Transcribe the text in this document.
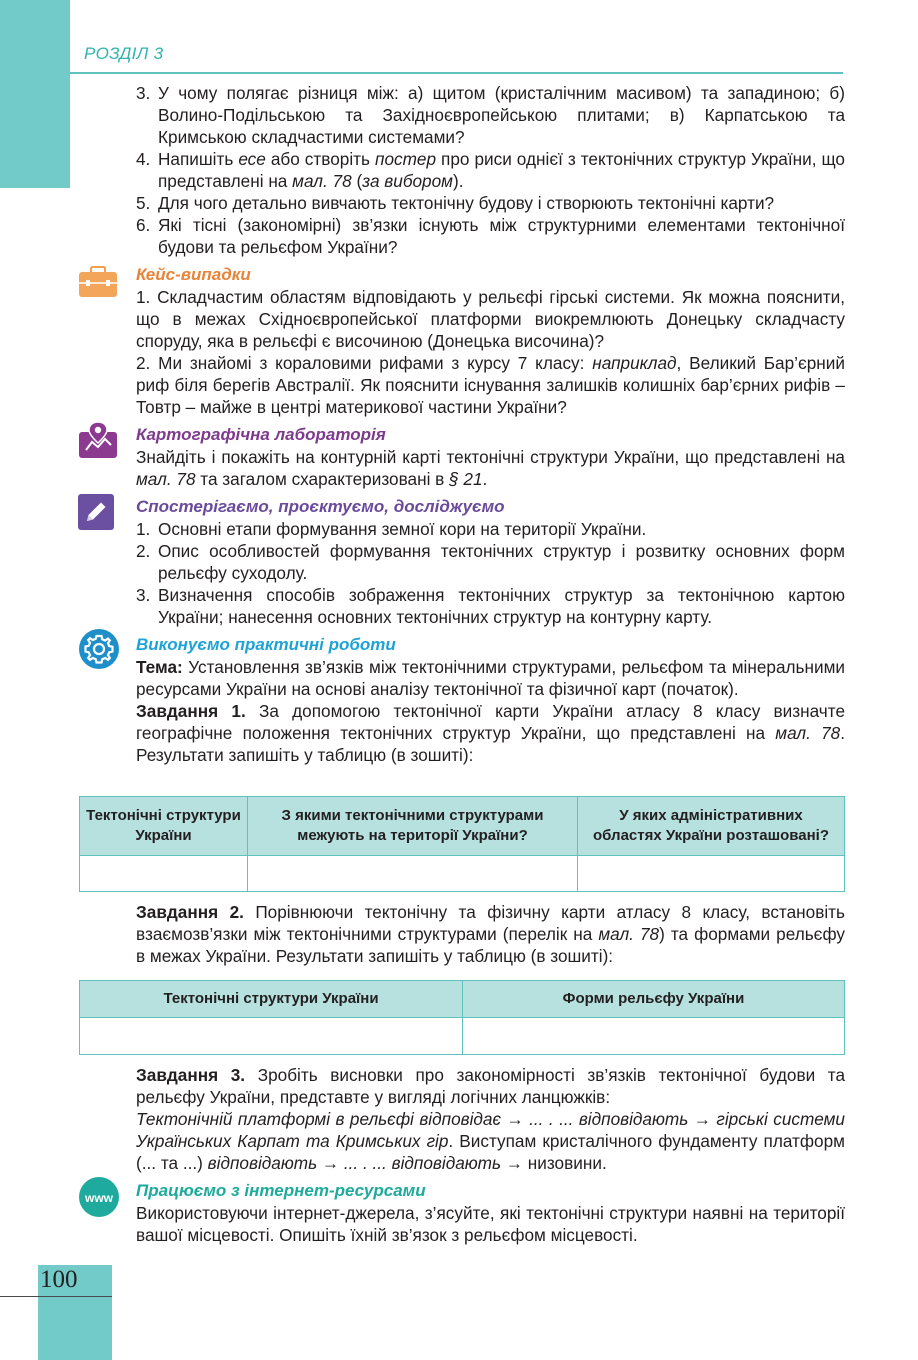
РОЗДІЛ 3
3. У чому полягає різниця між: а) щитом (кристалічним масивом) та западиною; б) Волино-Подільською та Західноєвропейською плитами; в) Карпатською та Кримською складчастими системами?
4. Напишіть есе або створіть постер про риси однієї з тектонічних структур України, що представлені на мал. 78 (за вибором).
5. Для чого детально вивчають тектонічну будову і створюють тектонічні карти?
6. Які тісні (закономірні) зв’язки існують між структурними елементами тектонічної будови та рельєфом України?
Кейс-випадки

1. Складчастим областям відповідають у рельєфі гірські системи. Як можна пояснити, що в межах Східноєвропейської платформи виокремлюють Донецьку складчасту споруду, яка в рельєфі є височиною (Донецька височина)?

2. Ми знайомі з кораловими рифами з курсу 7 класу: наприклад, Великий Бар’єрний риф біля берегів Австралії. Як пояснити існування залишків колишніх бар’єрних рифів – Товтр – майже в центрі материкової частини України?

Картографічна лабораторія

Знайдіть і покажіть на контурній карті тектонічні структури України, що представлені на мал. 78 та загалом схарактеризовані в § 21.

Спостерігаємо, проєктуємо, досліджуємо
1. Основні етапи формування земної кори на території України.
2. Опис особливостей формування тектонічних структур і розвитку основних форм рельєфу суходолу.
3. Визначення способів зображення тектонічних структур за тектонічною картою України; нанесення основних тектонічних структур на контурну карту.
Виконуємо практичні роботи

Тема: Установлення зв’язків між тектонічними структурами, рельєфом та мінеральними ресурсами України на основі аналізу тектонічної та фізичної карт (початок).

Завдання 1. За допомогою тектонічної карти України атласу 8 класу визначте географічне положення тектонічних структур України, що представлені на мал. 78. Результати запишіть у таблицю (в зошиті):

Тектонічні структури України	З якими тектонічними структурами межують на території України?	У яких адміністративних областях України розташовані?

Завдання 2. Порівнюючи тектонічну та фізичну карти атласу 8 класу, встановіть взаємозв’язки між тектонічними структурами (перелік на мал. 78) та формами рельєфу в межах України. Результати запишіть у таблицю (в зошиті):

Тектонічні структури України	Форми рельєфу України

Завдання 3. Зробіть висновки про закономірності зв’язків тектонічної будови та рельєфу України, представте у вигляді логічних ланцюжків:
Тектонічній платформі в рельєфі відповідає → ... . ... відповідають → гірські системи Українських Карпат та Кримських гір. Виступам кристалічного фундаменту платформ (... та ...) відповідають → ... . ... відповідають → низовини.

www Працюємо з інтернет-ресурсами

Використовуючи інтернет-джерела, з’ясуйте, які тектонічні структури наявні на території вашої місцевості. Опишіть їхній зв’язок з рельєфом місцевості.

100
